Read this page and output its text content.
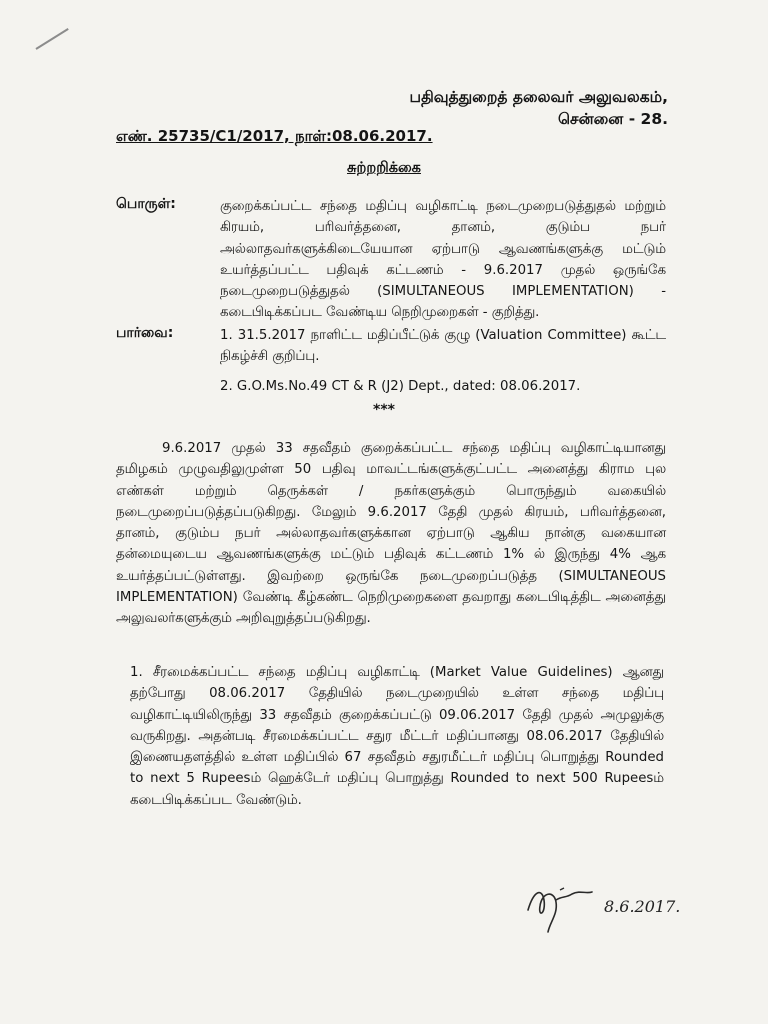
பதிவுத்துறைத் தலைவர் அலுவலகம்,
சென்னை - 28.
எண். 25735/C1/2017, நாள்:08.06.2017.
சுற்றறிக்கை
பொருள்:	குறைக்கப்பட்ட சந்தை மதிப்பு வழிகாட்டி நடைமுறைபடுத்துதல் மற்றும் கிரயம், பரிவர்த்தனை, தானம், குடும்ப நபர் அல்லாதவர்களுக்கிடையேயான ஏற்பாடு ஆவணங்களுக்கு மட்டும் உயர்த்தப்பட்ட பதிவுக் கட்டணம் - 9.6.2017 முதல் ஒருங்கே நடைமுறைபடுத்துதல் (SIMULTANEOUS IMPLEMENTATION) - கடைபிடிக்கப்பட வேண்டிய நெறிமுறைகள் - குறித்து.
பார்வை:	1. 31.5.2017 நாளிட்ட மதிப்பீட்டுக் குழு (Valuation Committee) கூட்ட நிகழ்ச்சி குறிப்பு.

2. G.O.Ms.No.49 CT & R (J2) Dept., dated: 08.06.2017.

***
9.6.2017 முதல் 33 சதவீதம் குறைக்கப்பட்ட சந்தை மதிப்பு வழிகாட்டியானது தமிழகம் முழுவதிலுமுள்ள 50 பதிவு மாவட்டங்களுக்குட்பட்ட அனைத்து கிராம புல எண்கள் மற்றும் தெருக்கள் / நகர்களுக்கும் பொருந்தும் வகையில் நடைமுறைப்படுத்தப்படுகிறது. மேலும் 9.6.2017 தேதி முதல் கிரயம், பரிவர்த்தனை, தானம், குடும்ப நபர் அல்லாதவர்களுக்கான ஏற்பாடு ஆகிய நான்கு வகையான தன்மையுடைய ஆவணங்களுக்கு மட்டும் பதிவுக் கட்டணம் 1% ல் இருந்து 4% ஆக உயர்த்தப்பட்டுள்ளது. இவற்றை ஒருங்கே நடைமுறைப்படுத்த (SIMULTANEOUS IMPLEMENTATION) வேண்டி கீழ்கண்ட நெறிமுறைகளை தவறாது கடைபிடித்திட அனைத்து அலுவலர்களுக்கும் அறிவுறுத்தப்படுகிறது.
1. சீரமைக்கப்பட்ட சந்தை மதிப்பு வழிகாட்டி (Market Value Guidelines) ஆனது தற்போது 08.06.2017 தேதியில் நடைமுறையில் உள்ள சந்தை மதிப்பு வழிகாட்டியிலிருந்து 33 சதவீதம் குறைக்கப்பட்டு 09.06.2017 தேதி முதல் அமுலுக்கு வருகிறது. அதன்படி சீரமைக்கப்பட்ட சதுர மீட்டர் மதிப்பானது 08.06.2017 தேதியில் இணையதளத்தில் உள்ள மதிப்பில் 67 சதவீதம் சதுரமீட்டர் மதிப்பு பொறுத்து Rounded to next 5 Rupeesம் ஹெக்டேர் மதிப்பு பொறுத்து Rounded to next 500 Rupeesம் கடைபிடிக்கப்பட வேண்டும்.
8.6.2017.
